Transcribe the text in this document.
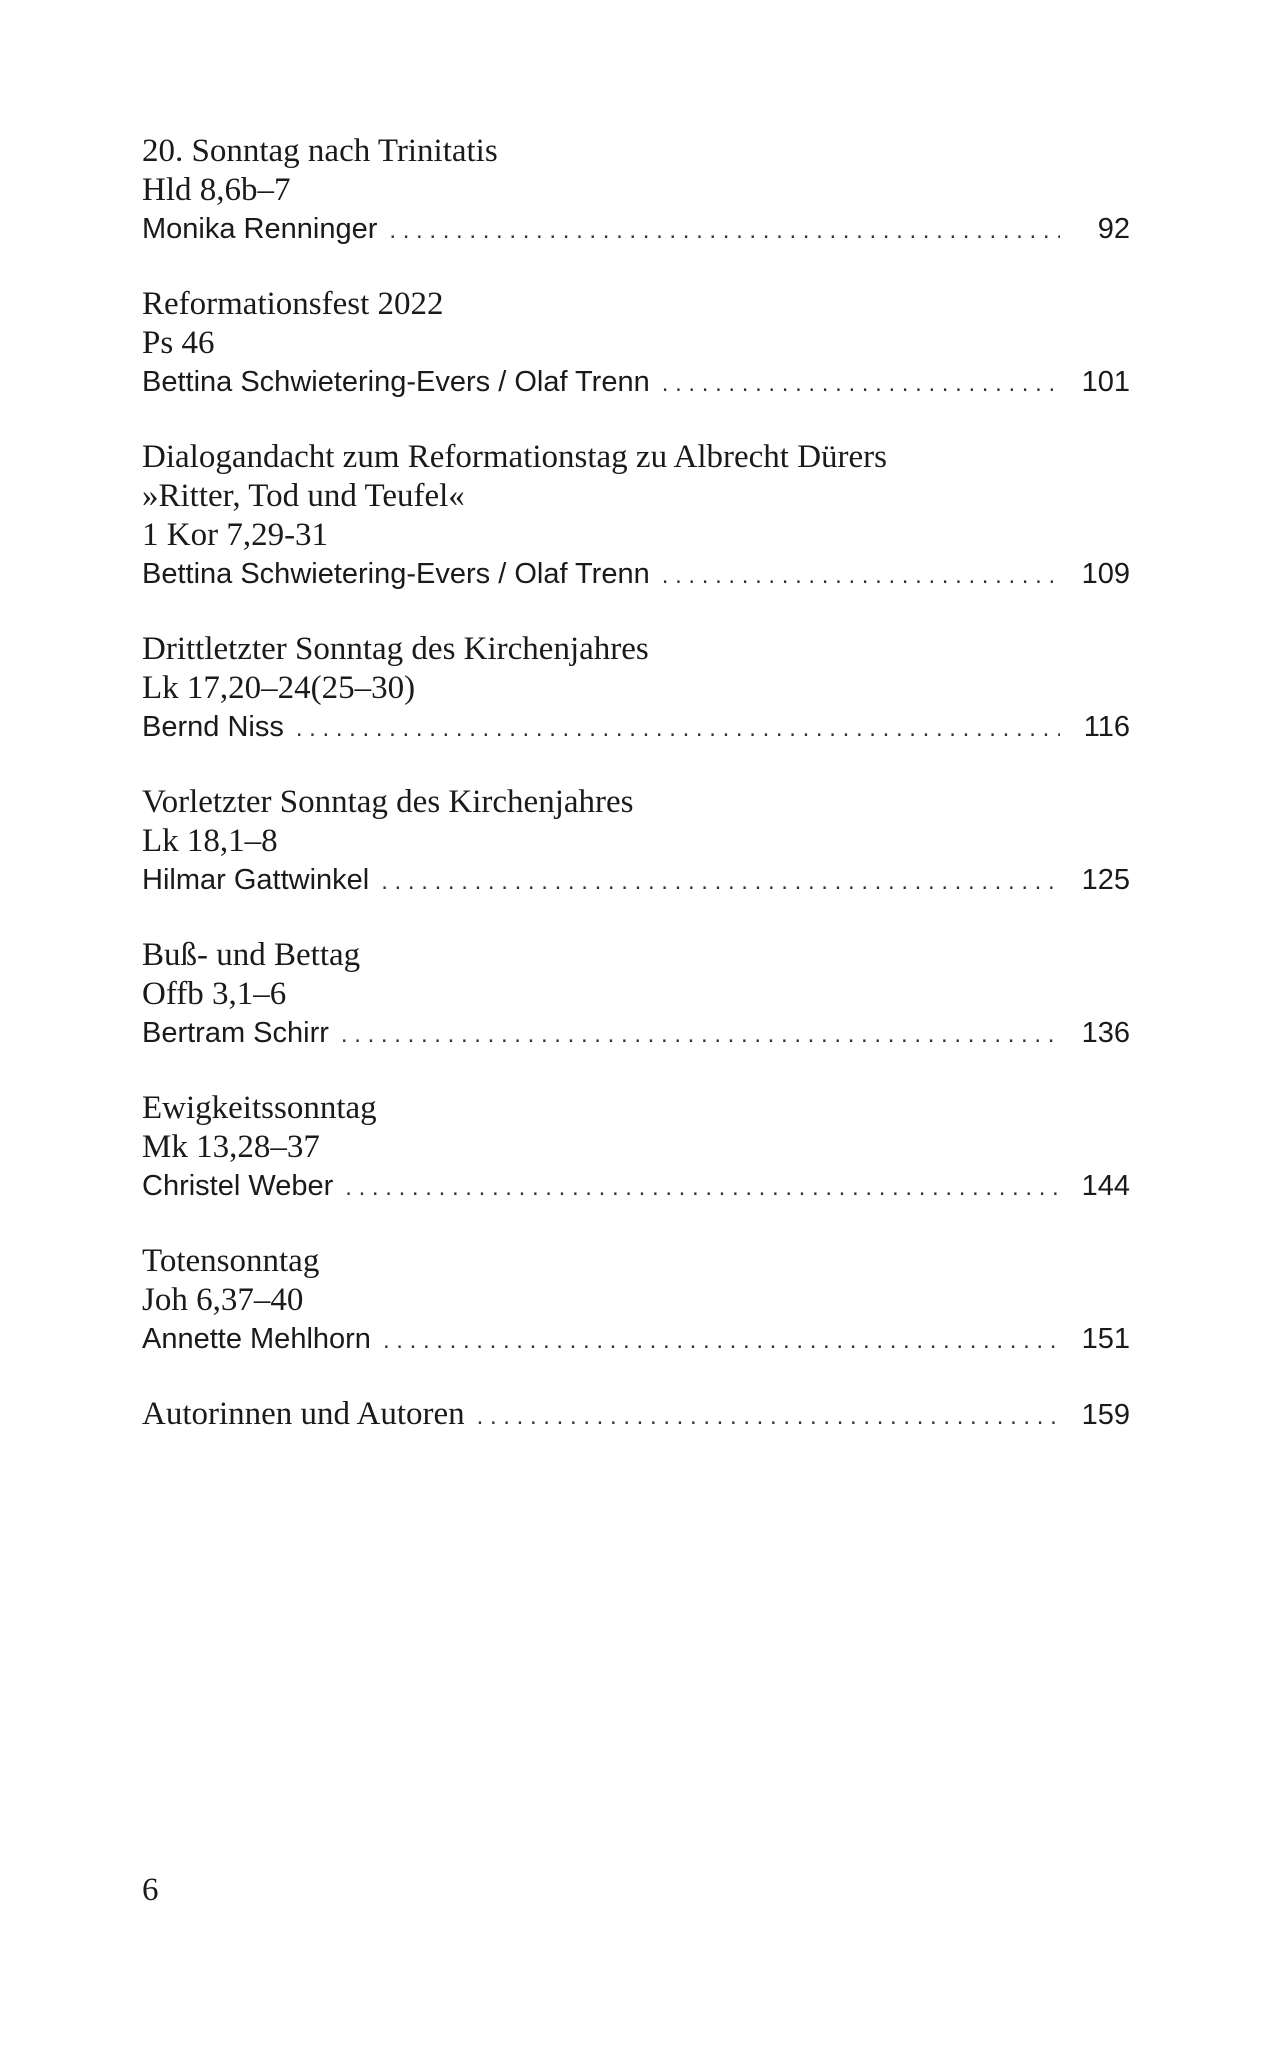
20. Sonntag nach Trinitatis
Hld 8,6b–7
Monika Renninger . . .	92
Reformationsfest 2022
Ps 46
Bettina Schwietering-Evers / Olaf Trenn . . .	101
Dialogandacht zum Reformationstag zu Albrecht Dürers
»Ritter, Tod und Teufel«
1 Kor 7,29-31
Bettina Schwietering-Evers / Olaf Trenn . . .	109
Drittletzter Sonntag des Kirchenjahres
Lk 17,20–24(25–30)
Bernd Niss . . .	116
Vorletzter Sonntag des Kirchenjahres
Lk 18,1–8
Hilmar Gattwinkel . . .	125
Buß- und Bettag
Offb 3,1–6
Bertram Schirr . . .	136
Ewigkeitssonntag
Mk 13,28–37
Christel Weber . . .	144
Totensonntag
Joh 6,37–40
Annette Mehlhorn . . .	151
Autorinnen und Autoren . . .	159
6
